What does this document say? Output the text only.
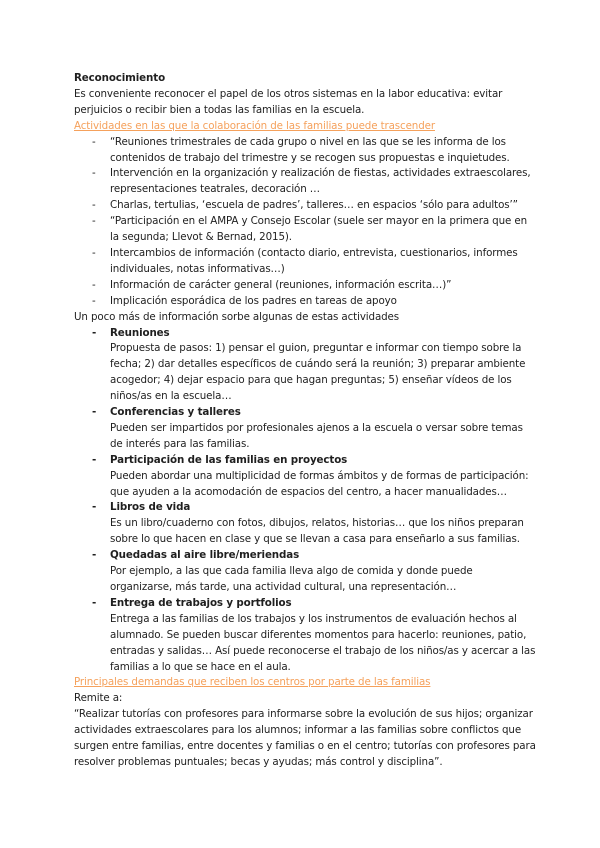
Reconocimiento

Es conveniente reconocer el papel de los otros sistemas en la labor educativa: evitar perjuicios o recibir bien a todas las familias en la escuela.

Actividades en las que la colaboración de las familias puede trascender

- “Reuniones trimestrales de cada grupo o nivel en las que se les informa de los contenidos de trabajo del trimestre y se recogen sus propuestas e inquietudes.
- Intervención en la organización y realización de fiestas, actividades extraescolares, representaciones teatrales, decoración …
- Charlas, tertulias, ‘escuela de padres’, talleres… en espacios ‘sólo para adultos’”
- “Participación en el AMPA y Consejo Escolar (suele ser mayor en la primera que en la segunda; Llevot & Bernad, 2015).
- Intercambios de información (contacto diario, entrevista, cuestionarios, informes individuales, notas informativas…)
- Información de carácter general (reuniones, información escrita…)”
- Implicación esporádica de los padres en tareas de apoyo

Un poco más de información sorbe algunas de estas actividades

- Reuniones
Propuesta de pasos: 1) pensar el guion, preguntar e informar con tiempo sobre la fecha; 2) dar detalles específicos de cuándo será la reunión; 3) preparar ambiente acogedor; 4) dejar espacio para que hagan preguntas; 5) enseñar vídeos de los niños/as en la escuela…
- Conferencias y talleres
Pueden ser impartidos por profesionales ajenos a la escuela o versar sobre temas de interés para las familias.
- Participación de las familias en proyectos
Pueden abordar una multiplicidad de formas ámbitos y de formas de participación: que ayuden a la acomodación de espacios del centro, a hacer manualidades…
- Libros de vida
Es un libro/cuaderno con fotos, dibujos, relatos, historias… que los niños preparan sobre lo que hacen en clase y que se llevan a casa para enseñarlo a sus familias.
- Quedadas al aire libre/meriendas
Por ejemplo, a las que cada familia lleva algo de comida y donde puede organizarse, más tarde, una actividad cultural, una representación…
- Entrega de trabajos y portfolios
Entrega a las familias de los trabajos y los instrumentos de evaluación hechos al alumnado. Se pueden buscar diferentes momentos para hacerlo: reuniones, patio, entradas y salidas… Así puede reconocerse el trabajo de los niños/as y acercar a las familias a lo que se hace en el aula.

Principales demandas que reciben los centros por parte de las familias

Remite a:

“Realizar tutorías con profesores para informarse sobre la evolución de sus hijos; organizar actividades extraescolares para los alumnos; informar a las familias sobre conflictos que surgen entre familias, entre docentes y familias o en el centro; tutorías con profesores para resolver problemas puntuales; becas y ayudas; más control y disciplina”.
